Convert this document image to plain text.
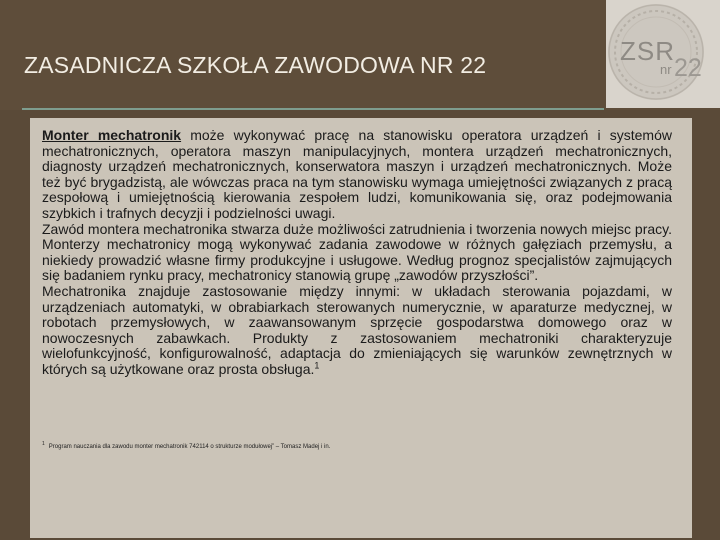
ZASADNICZA SZKOŁA ZAWODOWA NR 22	ZSR
nr 22

Monter mechatronik może wykonywać pracę na stanowisku operatora urządzeń i systemów mechatronicznych, operatora maszyn manipulacyjnych, montera urządzeń mechatronicznych, diagnosty urządzeń mechatronicznych, konserwatora maszyn i urządzeń mechatronicznych. Może też być brygadzistą, ale wówczas praca na tym stanowisku wymaga umiejętności związanych z pracą zespołową i umiejętnością kierowania zespołem ludzi, komunikowania się, oraz podejmowania szybkich i trafnych decyzji i podzielności uwagi.

Zawód montera mechatronika stwarza duże możliwości zatrudnienia i tworzenia nowych miejsc pracy. Monterzy mechatronicy mogą wykonywać zadania zawodowe w różnych gałęziach przemysłu, a niekiedy prowadzić własne firmy produkcyjne i usługowe. Według prognoz specjalistów zajmujących się badaniem rynku pracy, mechatronicy stanowią grupę „zawodów przyszłości”.

Mechatronika znajduje zastosowanie między innymi: w układach sterowania pojazdami, w urządzeniach automatyki, w obrabiarkach sterowanych numerycznie, w aparaturze medycznej, w robotach przemysłowych, w zaawansowanym sprzęcie gospodarstwa domowego oraz w nowoczesnych zabawkach. Produkty z zastosowaniem mechatroniki charakteryzuje wielofunkcyjność, konfigurowalność, adaptacja do zmieniających się warunków zewnętrznych w których są użytkowane oraz prosta obsługa.$^1$

$^1$ Program nauczania dla zawodu monter mechatronik 742114 o strukturze modułowej” – Tomasz Madej i in.
